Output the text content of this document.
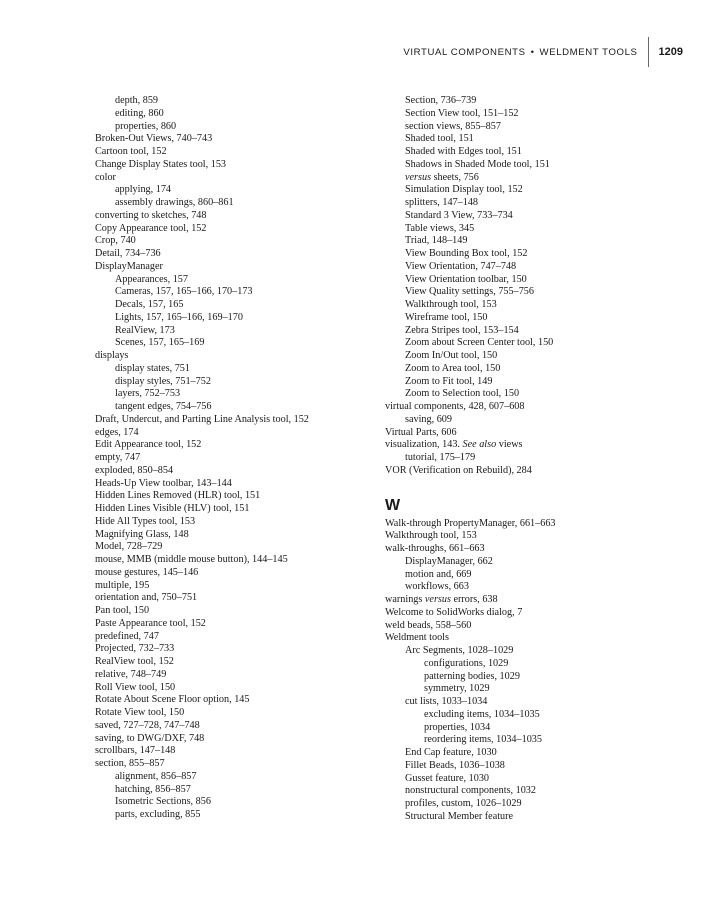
VIRTUAL COMPONENTS • WELDMENT TOOLS 1209
depth, 859
editing, 860
properties, 860
Broken-Out Views, 740–743
Cartoon tool, 152
Change Display States tool, 153
color
applying, 174
assembly drawings, 860–861
converting to sketches, 748
Copy Appearance tool, 152
Crop, 740
Detail, 734–736
DisplayManager
Appearances, 157
Cameras, 157, 165–166, 170–173
Decals, 157, 165
Lights, 157, 165–166, 169–170
RealView, 173
Scenes, 157, 165–169
displays
display states, 751
display styles, 751–752
layers, 752–753
tangent edges, 754–756
Draft, Undercut, and Parting Line Analysis tool, 152
edges, 174
Edit Appearance tool, 152
empty, 747
exploded, 850–854
Heads-Up View toolbar, 143–144
Hidden Lines Removed (HLR) tool, 151
Hidden Lines Visible (HLV) tool, 151
Hide All Types tool, 153
Magnifying Glass, 148
Model, 728–729
mouse, MMB (middle mouse button), 144–145
mouse gestures, 145–146
multiple, 195
orientation and, 750–751
Pan tool, 150
Paste Appearance tool, 152
predefined, 747
Projected, 732–733
RealView tool, 152
relative, 748–749
Roll View tool, 150
Rotate About Scene Floor option, 145
Rotate View tool, 150
saved, 727–728, 747–748
saving, to DWG/DXF, 748
scrollbars, 147–148
section, 855–857
alignment, 856–857
hatching, 856–857
Isometric Sections, 856
parts, excluding, 855
Section, 736–739
Section View tool, 151–152
section views, 855–857
Shaded tool, 151
Shaded with Edges tool, 151
Shadows in Shaded Mode tool, 151
versus sheets, 756
Simulation Display tool, 152
splitters, 147–148
Standard 3 View, 733–734
Table views, 345
Triad, 148–149
View Bounding Box tool, 152
View Orientation, 747–748
View Orientation toolbar, 150
View Quality settings, 755–756
Walkthrough tool, 153
Wireframe tool, 150
Zebra Stripes tool, 153–154
Zoom about Screen Center tool, 150
Zoom In/Out tool, 150
Zoom to Area tool, 150
Zoom to Fit tool, 149
Zoom to Selection tool, 150
virtual components, 428, 607–608
saving, 609
Virtual Parts, 606
visualization, 143. See also views
tutorial, 175–179
VOR (Verification on Rebuild), 284
W
Walk-through PropertyManager, 661–663
Walkthrough tool, 153
walk-throughs, 661–663
DisplayManager, 662
motion and, 669
workflows, 663
warnings versus errors, 638
Welcome to SolidWorks dialog, 7
weld beads, 558–560
Weldment tools
Arc Segments, 1028–1029
configurations, 1029
patterning bodies, 1029
symmetry, 1029
cut lists, 1033–1034
excluding items, 1034–1035
properties, 1034
reordering items, 1034–1035
End Cap feature, 1030
Fillet Beads, 1036–1038
Gusset feature, 1030
nonstructural components, 1032
profiles, custom, 1026–1029
Structural Member feature
